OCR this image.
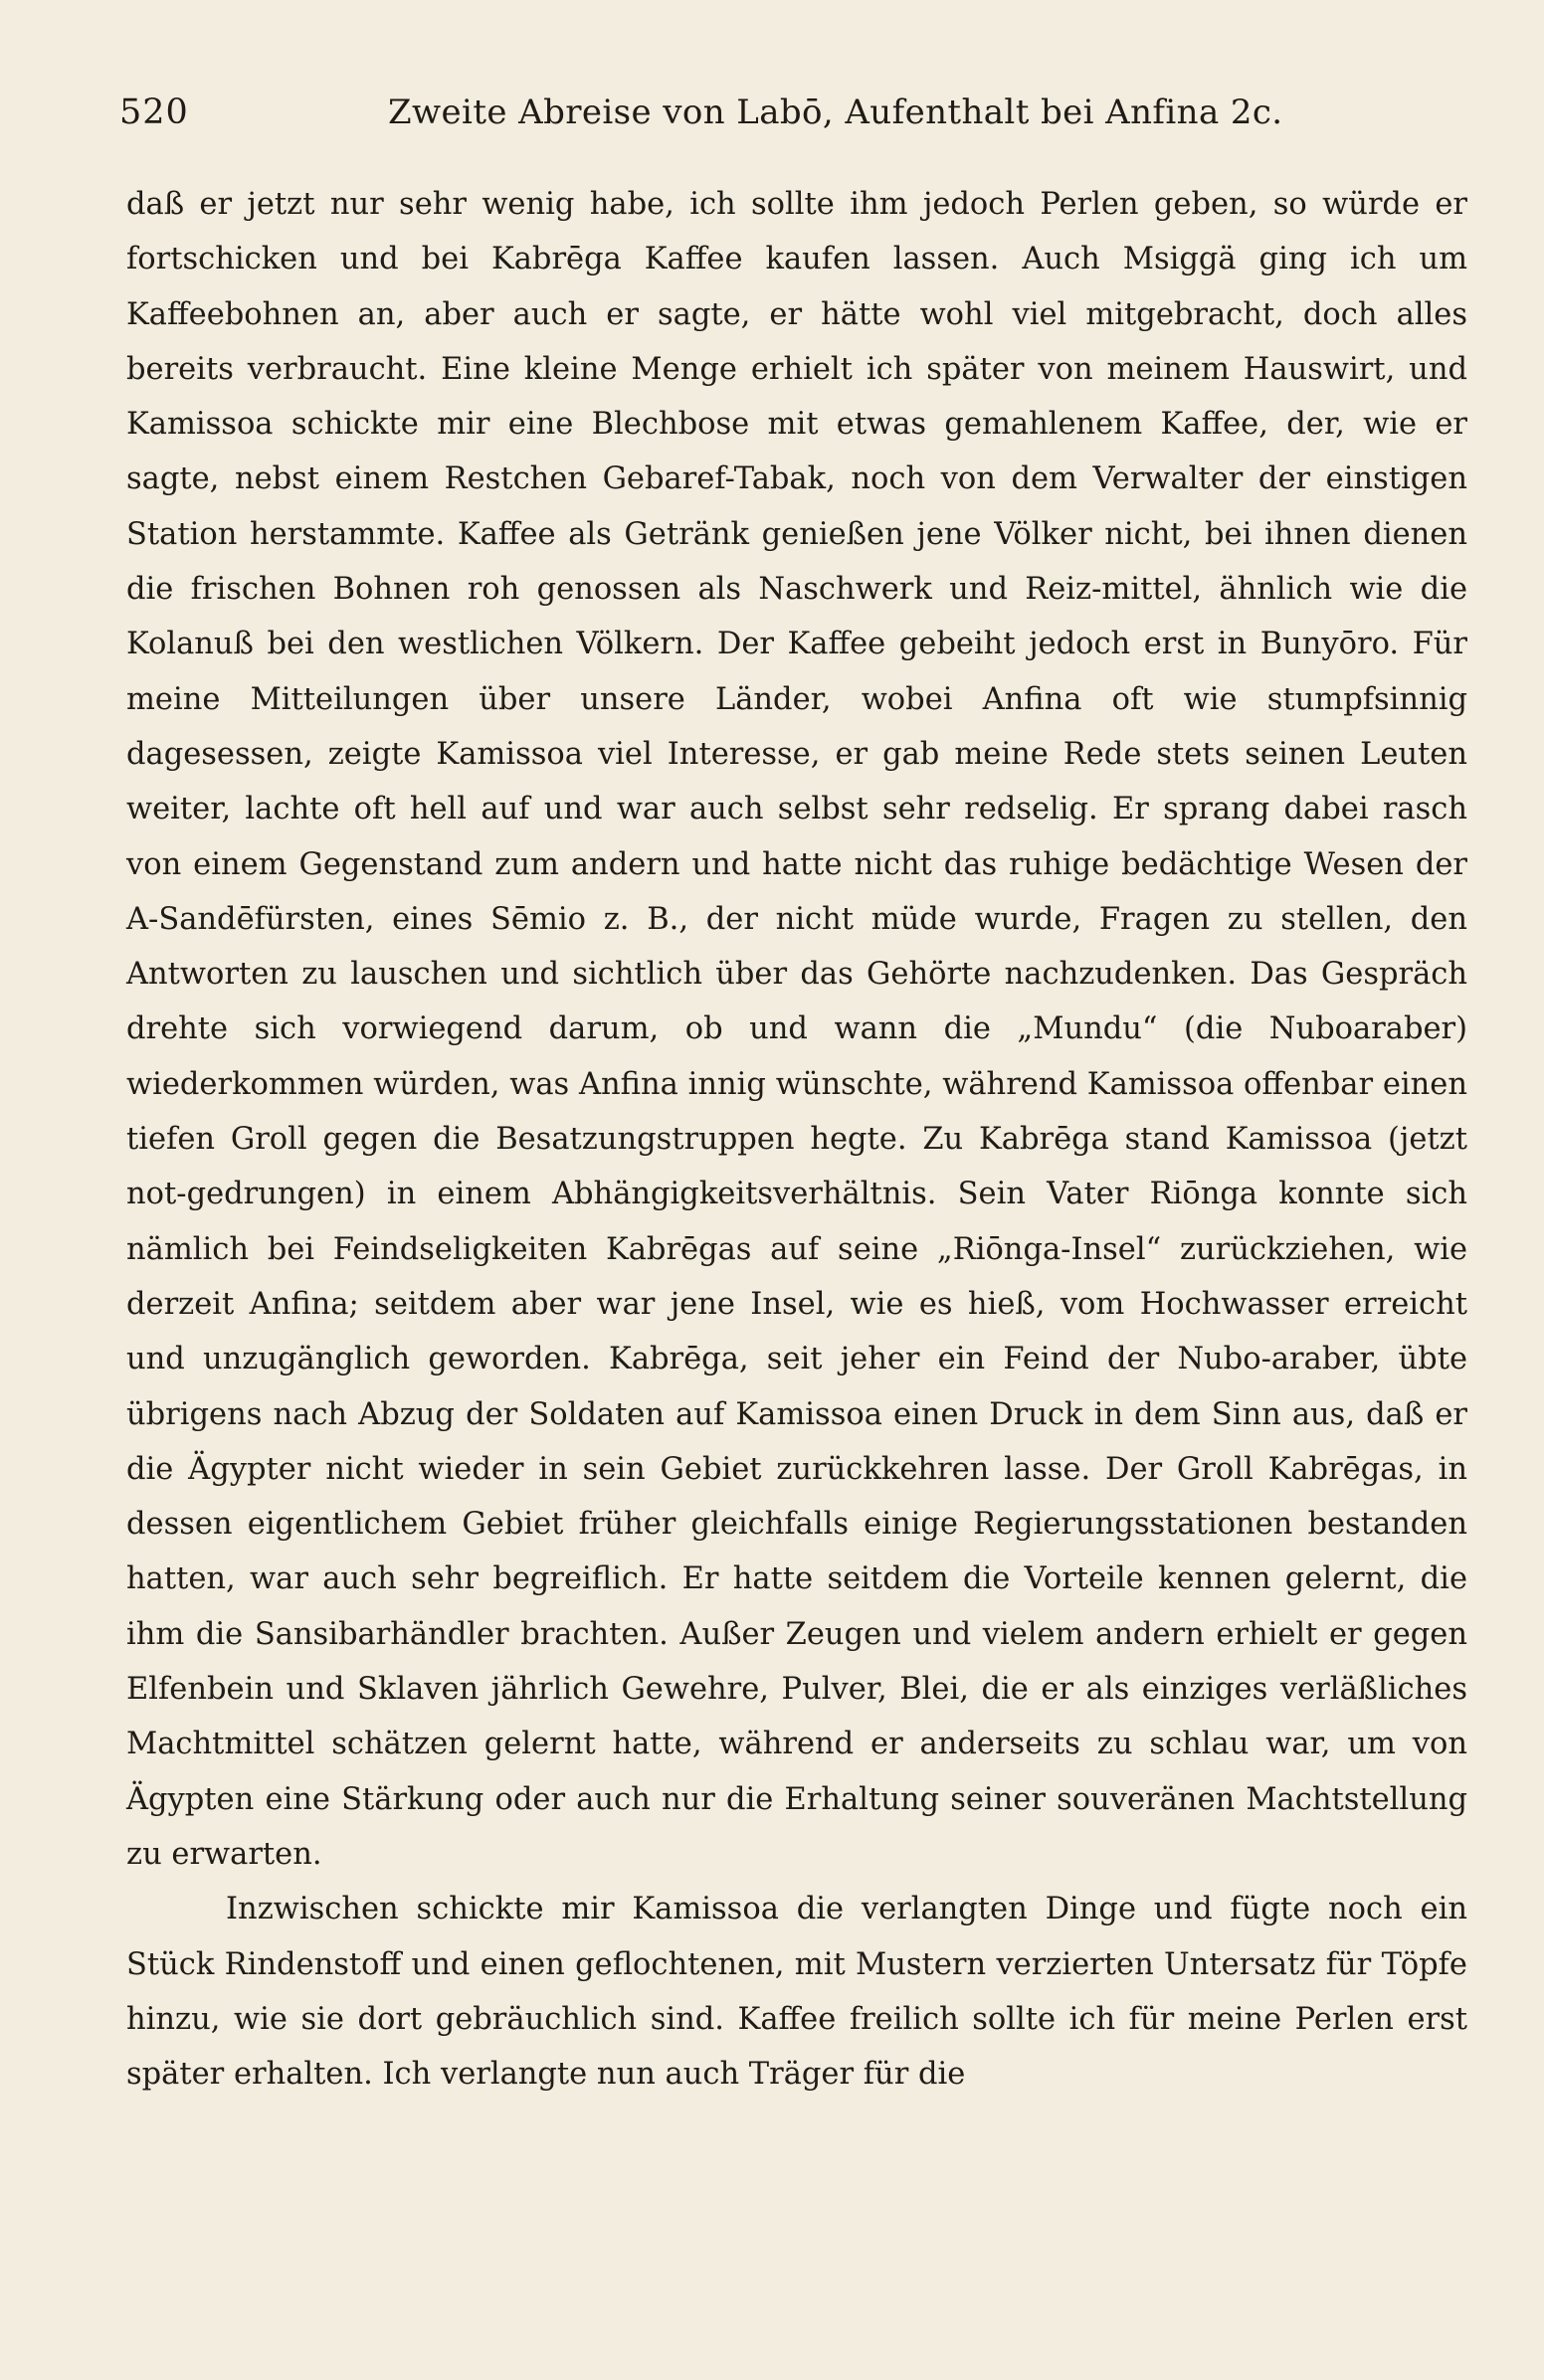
520	Zweite Abreise von Labō, Aufenthalt bei Anfina 2c.

daß er jetzt nur sehr wenig habe, ich sollte ihm jedoch Perlen geben, so würde er fortschicken und bei Kabrēga Kaffee kaufen lassen. Auch Msiggä ging ich um Kaffeebohnen an, aber auch er sagte, er hätte wohl viel mitgebracht, doch alles bereits verbraucht. Eine kleine Menge erhielt ich später von meinem Hauswirt, und Kamissoa schickte mir eine Blechbose mit etwas gemahlenem Kaffee, der, wie er sagte, nebst einem Restchen Gebaref-Tabak, noch von dem Verwalter der einstigen Station herstammte. Kaffee als Getränk genießen jene Völker nicht, bei ihnen dienen die frischen Bohnen roh genossen als Naschwerk und Reiz-mittel, ähnlich wie die Kolanuß bei den westlichen Völkern. Der Kaffee gebeiht jedoch erst in Bunyōro. Für meine Mitteilungen über unsere Länder, wobei Anfina oft wie stumpfsinnig dagesessen, zeigte Kamissoa viel Interesse, er gab meine Rede stets seinen Leuten weiter, lachte oft hell auf und war auch selbst sehr redselig. Er sprang dabei rasch von einem Gegenstand zum andern und hatte nicht das ruhige bedächtige Wesen der A-Sandēfürsten, eines Sēmio z. B., der nicht müde wurde, Fragen zu stellen, den Antworten zu lauschen und sichtlich über das Gehörte nachzudenken. Das Gespräch drehte sich vorwiegend darum, ob und wann die „Mundu“ (die Nuboaraber) wiederkommen würden, was Anfina innig wünschte, während Kamissoa offenbar einen tiefen Groll gegen die Besatzungstruppen hegte. Zu Kabrēga stand Kamissoa (jetzt not-gedrungen) in einem Abhängigkeitsverhältnis. Sein Vater Riōnga konnte sich nämlich bei Feindseligkeiten Kabrēgas auf seine „Riōnga-Insel“ zurückziehen, wie derzeit Anfina; seitdem aber war jene Insel, wie es hieß, vom Hochwasser erreicht und unzugänglich geworden. Kabrēga, seit jeher ein Feind der Nubo-araber, übte übrigens nach Abzug der Soldaten auf Kamissoa einen Druck in dem Sinn aus, daß er die Ägypter nicht wieder in sein Gebiet zurückkehren lasse. Der Groll Kabrēgas, in dessen eigentlichem Gebiet früher gleichfalls einige Regierungsstationen bestanden hatten, war auch sehr begreiflich. Er hatte seitdem die Vorteile kennen gelernt, die ihm die Sansibarhändler brachten. Außer Zeugen und vielem andern erhielt er gegen Elfenbein und Sklaven jährlich Gewehre, Pulver, Blei, die er als einziges verläßliches Machtmittel schätzen gelernt hatte, während er anderseits zu schlau war, um von Ägypten eine Stärkung oder auch nur die Erhaltung seiner souveränen Machtstellung zu erwarten.

Inzwischen schickte mir Kamissoa die verlangten Dinge und fügte noch ein Stück Rindenstoff und einen geflochtenen, mit Mustern verzierten Untersatz für Töpfe hinzu, wie sie dort gebräuchlich sind. Kaffee freilich sollte ich für meine Perlen erst später erhalten. Ich verlangte nun auch Träger für die
